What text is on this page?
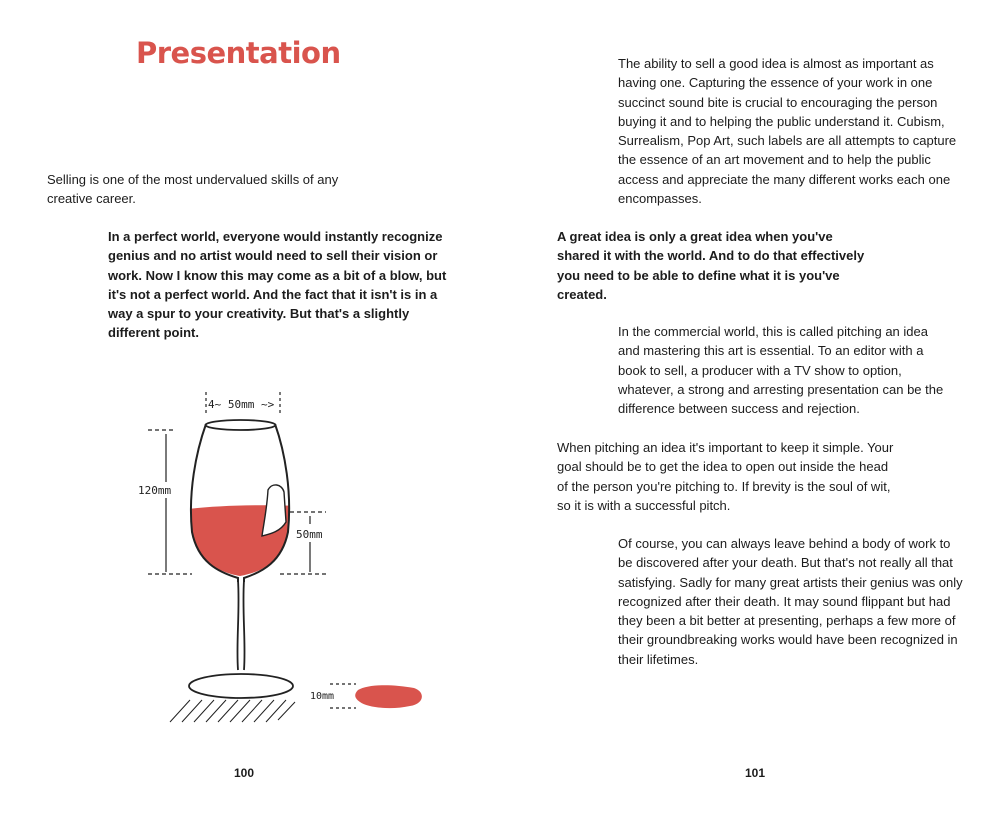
Presentation

Selling is one of the most undervalued skills of any creative career.

In a perfect world, everyone would instantly recognize genius and no artist would need to sell their vision or work. Now I know this may come as a bit of a blow, but it's not a perfect world. And the fact that it isn't is in a way a spur to your creativity. But that's a slightly different point.

4~ 50mm ~>
120mm
50mm
10mm
100

The ability to sell a good idea is almost as important as having one. Capturing the essence of your work in one succinct sound bite is crucial to encouraging the person buying it and to helping the public understand it. Cubism, Surrealism, Pop Art, such labels are all attempts to capture the essence of an art movement and to help the public access and appreciate the many different works each one encompasses.

A great idea is only a great idea when you've shared it with the world. And to do that effectively you need to be able to define what it is you've created.

In the commercial world, this is called pitching an idea and mastering this art is essential. To an editor with a book to sell, a producer with a TV show to option, whatever, a strong and arresting presentation can be the difference between success and rejection.

When pitching an idea it's important to keep it simple. Your goal should be to get the idea to open out inside the head of the person you're pitching to. If brevity is the soul of wit, so it is with a successful pitch.

Of course, you can always leave behind a body of work to be discovered after your death. But that's not really all that satisfying. Sadly for many great artists their genius was only recognized after their death. It may sound flippant but had they been a bit better at presenting, perhaps a few more of their groundbreaking works would have been recognized in their lifetimes.

101
